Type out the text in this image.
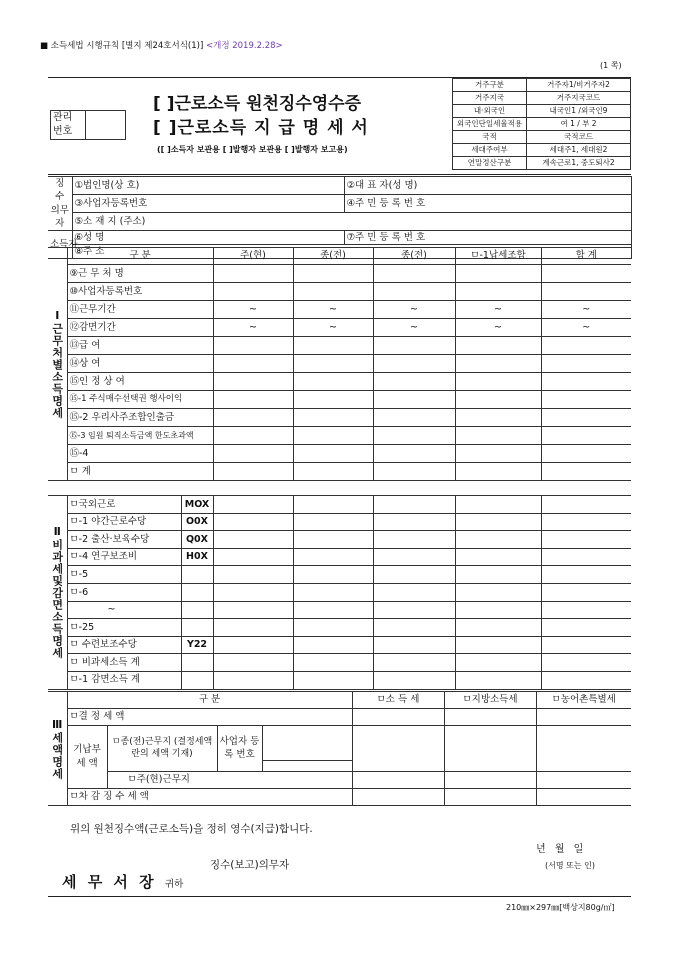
■ 소득세법 시행규칙 [별지 제24호서식(1)] <개정 2019.2.28>
(1 쪽)
관리
번호
[ ]근로소득 원천징수영수증
[ ]근로소득 지 급 명 세 서
([ ]소득자 보관용 [ ]발행자 보관용 [ ]발행자 보고용)
거주구분	거주자1/비거주자2
거주지국	거주지국코드
내·외국인	내국인1 /외국인9
외국인단일세율적용	여 1 / 부 2
국적	국적코드
세대주여부	세대주1, 세대원2
연말정산구분	계속근로1, 중도퇴사2
징 수 의무자	①법인명(상 호)	②대 표 자(성 명)
	③사업자등록번호	④주 민 등 록 번 호
	⑤소 재 지 (주소)	
소득자	⑥성 명	⑦주 민 등 록 번 호
	⑧주 소	
Ⅰ근무처별소득명세	구 분	주(현)	종(전)	종(전)	ㅁ-1납세조합	합 계
	⑨근 무 처 명					
	⑩사업자등록번호					
	⑪근무기간	~	~	~	~	~
	⑫감면기간	~	~	~	~	~
	⑬급 여					
	⑭상 여					
	⑮인 정 상 여					
	⑮-1 주식매수선택권 행사이익					
	⑮-2 우리사주조합인출금					
	⑮-3 임원 퇴직소득금액 한도초과액					
	⑮-4					
	ㅁ 계					
Ⅱ비과세및감면소득명세	ㅁ국외근로	MOX					
	ㅁ-1 야간근로수당	O0X					
	ㅁ-2 출산·보육수당	Q0X					
	ㅁ-4 연구보조비	H0X					
	ㅁ-5						
	ㅁ-6						
	~						
	ㅁ-25						
	ㅁ 수련보조수당	Y22					
	ㅁ 비과세소득 계						
	ㅁ-1 감면소득 계						
Ⅲ세액명세	구 분				ㅁ소 득 세	ㅁ지방소득세	ㅁ농어촌특별세
	ㅁ결 정 세 액						
	기납부 세 액	ㅁ종(전)근무지 (결정세액란의 세액 기재)	사업자 등록 번호	

		ㅁ주(현)근무지					
	ㅁ차 감 징 수 세 액						
위의 원천징수액(근로소득)을 정히 영수(지급)합니다.
년 월 일
징수(보고)의무자	(서명 또는 인)
세 무 서 장 귀하
210㎜×297㎜[백상지80g/㎡]
